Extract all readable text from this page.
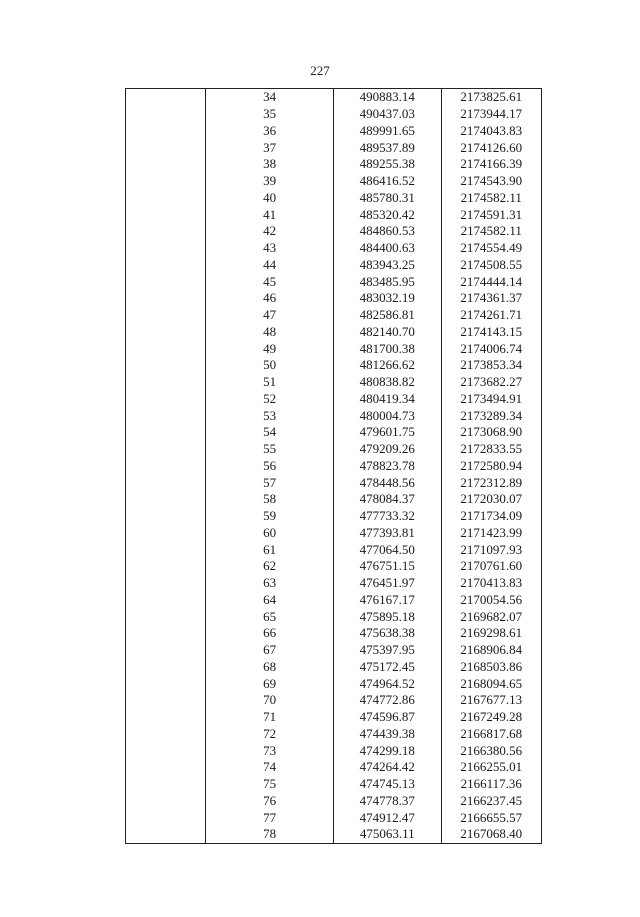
227
	34	490883.14	2173825.61
	35	490437.03	2173944.17
	36	489991.65	2174043.83
	37	489537.89	2174126.60
	38	489255.38	2174166.39
	39	486416.52	2174543.90
	40	485780.31	2174582.11
	41	485320.42	2174591.31
	42	484860.53	2174582.11
	43	484400.63	2174554.49
	44	483943.25	2174508.55
	45	483485.95	2174444.14
	46	483032.19	2174361.37
	47	482586.81	2174261.71
	48	482140.70	2174143.15
	49	481700.38	2174006.74
	50	481266.62	2173853.34
	51	480838.82	2173682.27
	52	480419.34	2173494.91
	53	480004.73	2173289.34
	54	479601.75	2173068.90
	55	479209.26	2172833.55
	56	478823.78	2172580.94
	57	478448.56	2172312.89
	58	478084.37	2172030.07
	59	477733.32	2171734.09
	60	477393.81	2171423.99
	61	477064.50	2171097.93
	62	476751.15	2170761.60
	63	476451.97	2170413.83
	64	476167.17	2170054.56
	65	475895.18	2169682.07
	66	475638.38	2169298.61
	67	475397.95	2168906.84
	68	475172.45	2168503.86
	69	474964.52	2168094.65
	70	474772.86	2167677.13
	71	474596.87	2167249.28
	72	474439.38	2166817.68
	73	474299.18	2166380.56
	74	474264.42	2166255.01
	75	474745.13	2166117.36
	76	474778.37	2166237.45
	77	474912.47	2166655.57
	78	475063.11	2167068.40
